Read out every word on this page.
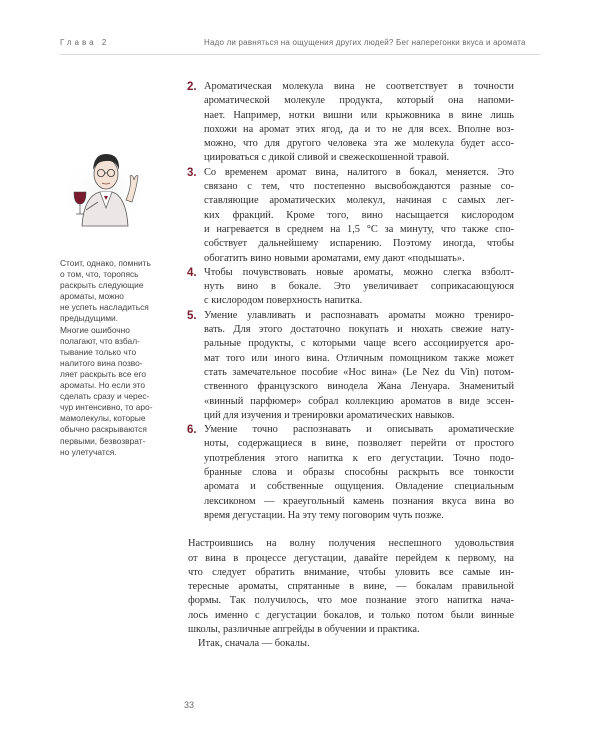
Глава 2	Надо ли равняться на ощущения других людей? Бег наперегонки вкуса и аромата
Стоит, однако, помнить
о том, что, торопясь
раскрыть следующие
ароматы, можно
не успеть насладиться
предыдущими.
Многие ошибочно
полагают, что взбал-
тывание только что
налитого вина позво-
ляет раскрыть все его
ароматы. Но если это
сделать сразу и черес-
чур интенсивно, то аро-
мамолекулы, которые
обычно раскрываются
первыми, безвозврат-
но улетучатся.
2. Ароматическая молекула вина не соответствует в точности
ароматической молекуле продукта, который она напоми-
нает. Например, нотки вишни или крыжовника в вине лишь
похожи на аромат этих ягод, да и то не для всех. Вполне воз-
можно, что для другого человека эта же молекула будет ассо-
циироваться с дикой сливой и свежескошенной травой.
3. Со временем аромат вина, налитого в бокал, меняется. Это
связано с тем, что постепенно высвобождаются разные со-
ставляющие ароматических молекул, начиная с самых лег-
ких фракций. Кроме того, вино насыщается кислородом
и нагревается в среднем на 1,5 °С за минуту, что также спо-
собствует дальнейшему испарению. Поэтому иногда, чтобы
обогатить вино новыми ароматами, ему дают «подышать».
4. Чтобы почувствовать новые ароматы, можно слегка взболт-
нуть вино в бокале. Это увеличивает соприкасающуюся
с кислородом поверхность напитка.
5. Умение улавливать и распознавать ароматы можно трениро-
вать. Для этого достаточно покупать и нюхать свежие нату-
ральные продукты, с которыми чаще всего ассоциируется аро-
мат того или иного вина. Отличным помощником также может
стать замечательное пособие «Нос вина» (Le Nez du Vin) потом-
ственного французского винодела Жана Ленуара. Знаменитый
«винный парфюмер» собрал коллекцию ароматов в виде эссен-
ций для изучения и тренировки ароматических навыков.
6. Умение точно распознавать и описывать ароматические
ноты, содержащиеся в вине, позволяет перейти от простого
употребления этого напитка к его дегустации. Точно подо-
бранные слова и образы способны раскрыть все тонкости
аромата и собственные ощущения. Овладение специальным
лексиконом — краеугольный камень познания вкуса вина во
время дегустации. На эту тему поговорим чуть позже.
Настроившись на волну получения неспешного удовольствия
от вина в процессе дегустации, давайте перейдем к первому, на
что следует обратить внимание, чтобы уловить все самые ин-
тересные ароматы, спрятанные в вине, — бокалам правильной
формы. Так получилось, что мое познание этого напитка нача-
лось именно с дегустации бокалов, и только потом были винные
школы, различные апгрейды в обучении и практика.
Итак, сначала — бокалы.
33
